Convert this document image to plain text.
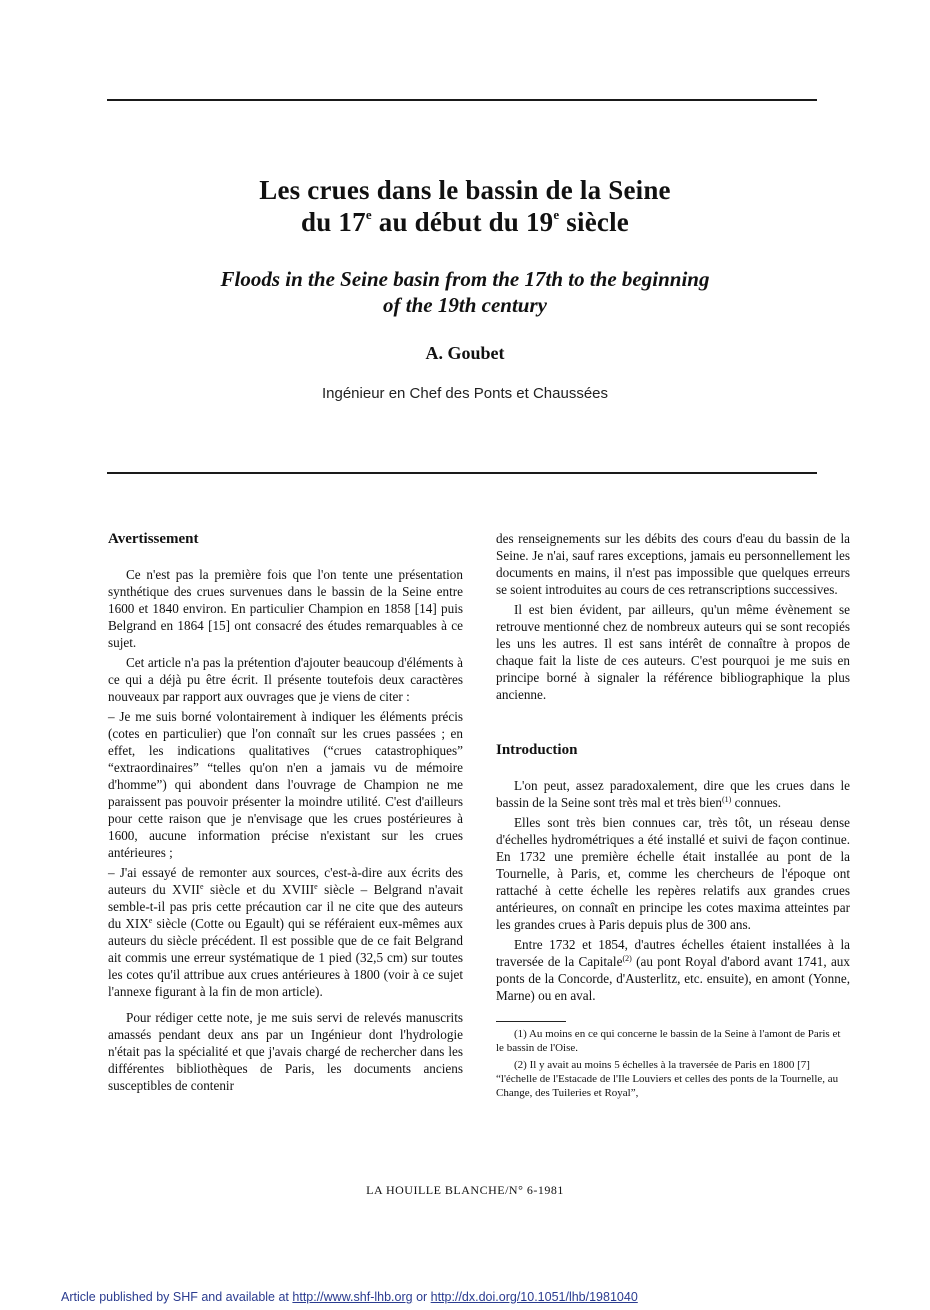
Les crues dans le bassin de la Seine
du 17e au début du 19e siècle
Floods in the Seine basin from the 17th to the beginning
of the 19th century
A. Goubet
Ingénieur en Chef des Ponts et Chaussées
Avertissement

Ce n'est pas la première fois que l'on tente une présentation synthétique des crues survenues dans le bassin de la Seine entre 1600 et 1840 environ. En particulier Champion en 1858 [14] puis Belgrand en 1864 [15] ont consacré des études remarquables à ce sujet.

Cet article n'a pas la prétention d'ajouter beaucoup d'éléments à ce qui a déjà pu être écrit. Il présente toutefois deux caractères nouveaux par rapport aux ouvrages que je viens de citer :

– Je me suis borné volontairement à indiquer les éléments précis (cotes en particulier) que l'on connaît sur les crues passées ; en effet, les indications qualitatives (“crues catastrophiques” “extraordinaires” “telles qu'on n'en a jamais vu de mémoire d'homme”) qui abondent dans l'ouvrage de Champion ne me paraissent pas pouvoir présenter la moindre utilité. C'est d'ailleurs pour cette raison que je n'envisage que les crues postérieures à 1600, aucune information précise n'existant sur les crues antérieures ;

– J'ai essayé de remonter aux sources, c'est-à-dire aux écrits des auteurs du XVIIe siècle et du XVIIIe siècle – Belgrand n'avait semble-t-il pas pris cette précaution car il ne cite que des auteurs du XIXe siècle (Cotte ou Egault) qui se référaient eux-mêmes aux auteurs du siècle précédent. Il est possible que de ce fait Belgrand ait commis une erreur systématique de 1 pied (32,5 cm) sur toutes les cotes qu'il attribue aux crues antérieures à 1800 (voir à ce sujet l'annexe figurant à la fin de mon article).

Pour rédiger cette note, je me suis servi de relevés manuscrits amassés pendant deux ans par un Ingénieur dont l'hydrologie n'était pas la spécialité et que j'avais chargé de rechercher dans les différentes bibliothèques de Paris, les documents anciens susceptibles de contenir

des renseignements sur les débits des cours d'eau du bassin de la Seine. Je n'ai, sauf rares exceptions, jamais eu personnellement les documents en mains, il n'est pas impossible que quelques erreurs se soient introduites au cours de ces retranscriptions successives.

Il est bien évident, par ailleurs, qu'un même évènement se retrouve mentionné chez de nombreux auteurs qui se sont recopiés les uns les autres. Il est sans intérêt de connaître à propos de chaque fait la liste de ces auteurs. C'est pourquoi je me suis en principe borné à signaler la référence bibliographique la plus ancienne.

Introduction

L'on peut, assez paradoxalement, dire que les crues dans le bassin de la Seine sont très mal et très bien$^{(1)}$ connues.

Elles sont très bien connues car, très tôt, un réseau dense d'échelles hydrométriques a été installé et suivi de façon continue. En 1732 une première échelle était installée au pont de la Tournelle, à Paris, et, comme les chercheurs de l'époque ont rattaché à cette échelle les repères relatifs aux grandes crues antérieures, on connaît en principe les cotes maxima atteintes par les grandes crues à Paris depuis plus de 300 ans.

Entre 1732 et 1854, d'autres échelles étaient installées à la traversée de la Capitale$^{(2)}$ (au pont Royal d'abord avant 1741, aux ponts de la Concorde, d'Austerlitz, etc. ensuite), en amont (Yonne, Marne) ou en aval.

(1) Au moins en ce qui concerne le bassin de la Seine à l'amont de Paris et le bassin de l'Oise.

(2) Il y avait au moins 5 échelles à la traversée de Paris en 1800 [7] “l'échelle de l'Estacade de l'Ile Louviers et celles des ponts de la Tournelle, au Change, des Tuileries et Royal”,

LA HOUILLE BLANCHE/N° 6-1981
Article published by SHF and available at http://www.shf-lhb.org or http://dx.doi.org/10.1051/lhb/1981040
